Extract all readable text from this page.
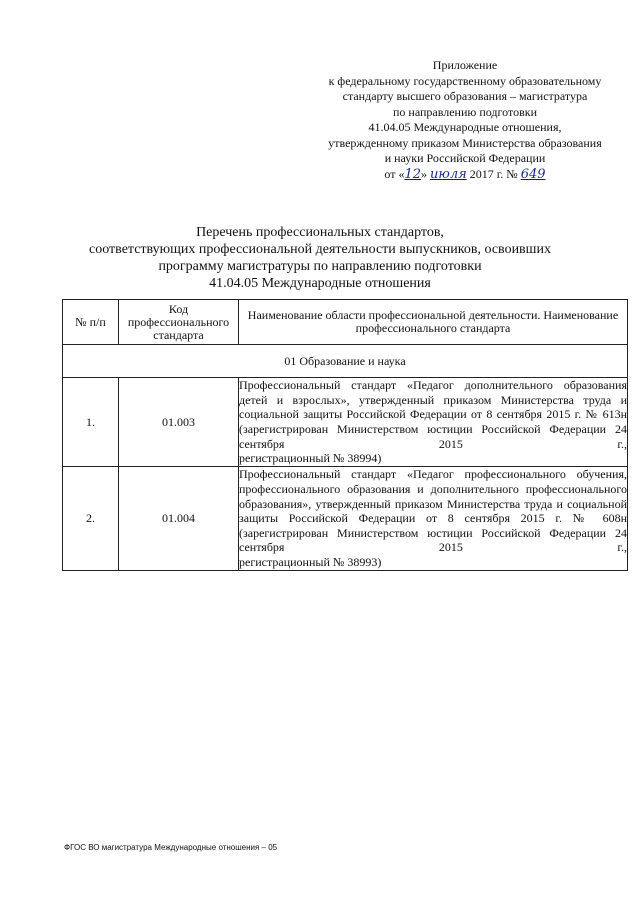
Приложение
к федеральному государственному образовательному
стандарту высшего образования – магистратура
по направлению подготовки
41.04.05 Международные отношения,
утвержденному приказом Министерства образования
и науки Российской Федерации
от «12» июля 2017 г. № 649
Перечень профессиональных стандартов,
соответствующих профессиональной деятельности выпускников, освоивших
программу магистратуры по направлению подготовки
41.04.05 Международные отношения
№ п/п	Код профессионального стандарта	Наименование области профессиональной деятельности. Наименование профессионального стандарта
01 Образование и наука		
1.	01.003	Профессиональный стандарт «Педагог дополнительного образования детей и взрослых», утвержденный приказом Министерства труда и социальной защиты Российской Федерации от 8 сентября 2015 г. № 613н (зарегистрирован Министерством юстиции Российской Федерации 24 сентября 2015 г.,
регистрационный № 38994)

2.	01.004	Профессиональный стандарт «Педагог профессионального обучения, профессионального образования и дополнительного профессионального образования», утвержденный приказом Министерства труда и социальной защиты Российской Федерации от 8 сентября 2015 г. № 608н (зарегистрирован Министерством юстиции Российской Федерации 24 сентября 2015 г.,
регистрационный № 38993)
ФГОС ВО магистратура Международные отношения – 05
